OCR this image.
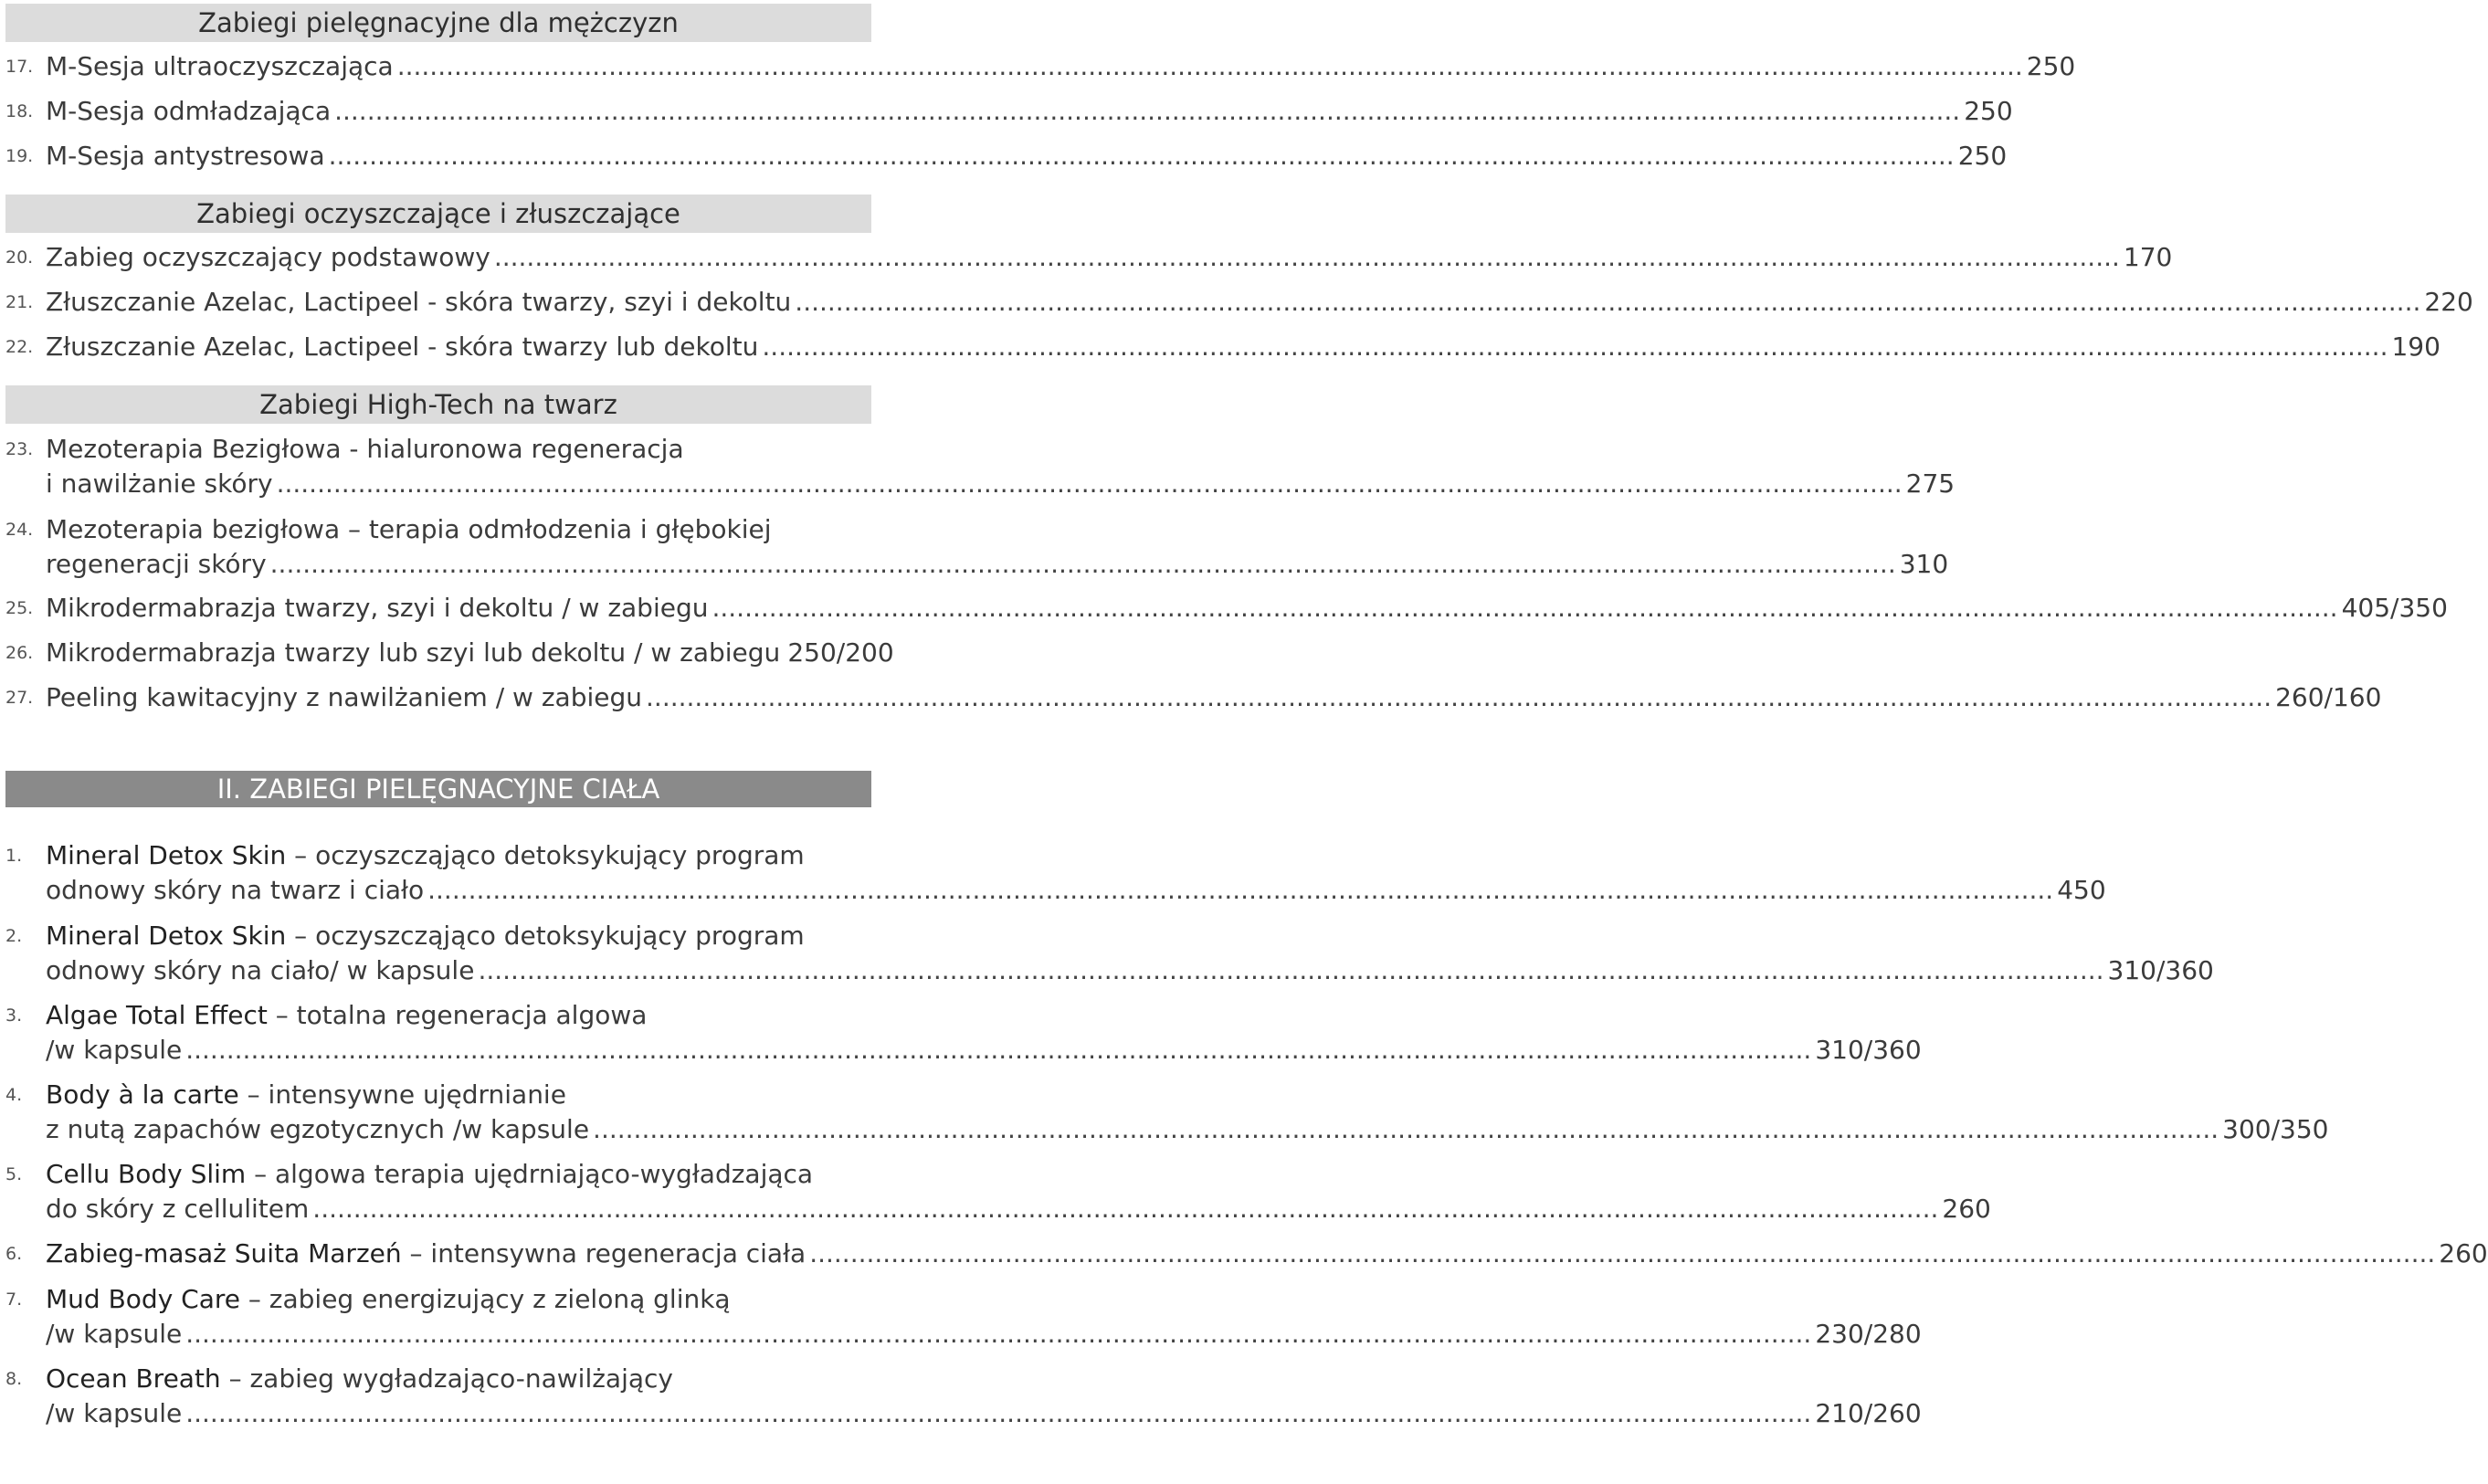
Zabiegi pielęgnacyjne dla mężczyzn
17. M-Sesja ultraoczyszczająca .....	250
18. M-Sesja odmładzająca .....	250
19. M-Sesja antystresowa .....	250
Zabiegi oczyszczające i złuszczające
20. Zabieg oczyszczający podstawowy .....	170
21. Złuszczanie Azelac, Lactipeel - skóra twarzy, szyi i dekoltu .....	220
22. Złuszczanie Azelac, Lactipeel - skóra twarzy lub dekoltu .....	190
Zabiegi High-Tech na twarz
23. Mezoterapia Bezigłowa - hialuronowa regeneracja
i nawilżanie skóry .....	275
24. Mezoterapia bezigłowa – terapia odmłodzenia i głębokiej
regeneracji skóry .....	310
25. Mikrodermabrazja twarzy, szyi i dekoltu / w zabiegu .....	405/350
26. Mikrodermabrazja twarzy lub szyi lub dekoltu / w zabiegu 250/200
27. Peeling kawitacyjny z nawilżaniem / w zabiegu .....	260/160
II. ZABIEGI PIELĘGNACYJNE CIAŁA
1. Mineral Detox Skin – oczyszcząjąco detoksykujący program
odnowy skóry na twarz i ciało .....	450
2. Mineral Detox Skin – oczyszcząjąco detoksykujący program
odnowy skóry na ciało/ w kapsule .....	310/360
3. Algae Total Effect – totalna regeneracja algowa
/w kapsule .....	310/360
4. Body à la carte – intensywne ujędrnianie
z nutą zapachów egzotycznych /w kapsule .....	300/350
5. Cellu Body Slim – algowa terapia ujędrniająco-wygładzająca
do skóry z cellulitem .....	260
6. Zabieg-masaż Suita Marzeń – intensywna regeneracja ciała .....	260
7. Mud Body Care – zabieg energizujący z zieloną glinką
/w kapsule .....	230/280
8. Ocean Breath – zabieg wygładzająco-nawilżający
/w kapsule .....	210/260
